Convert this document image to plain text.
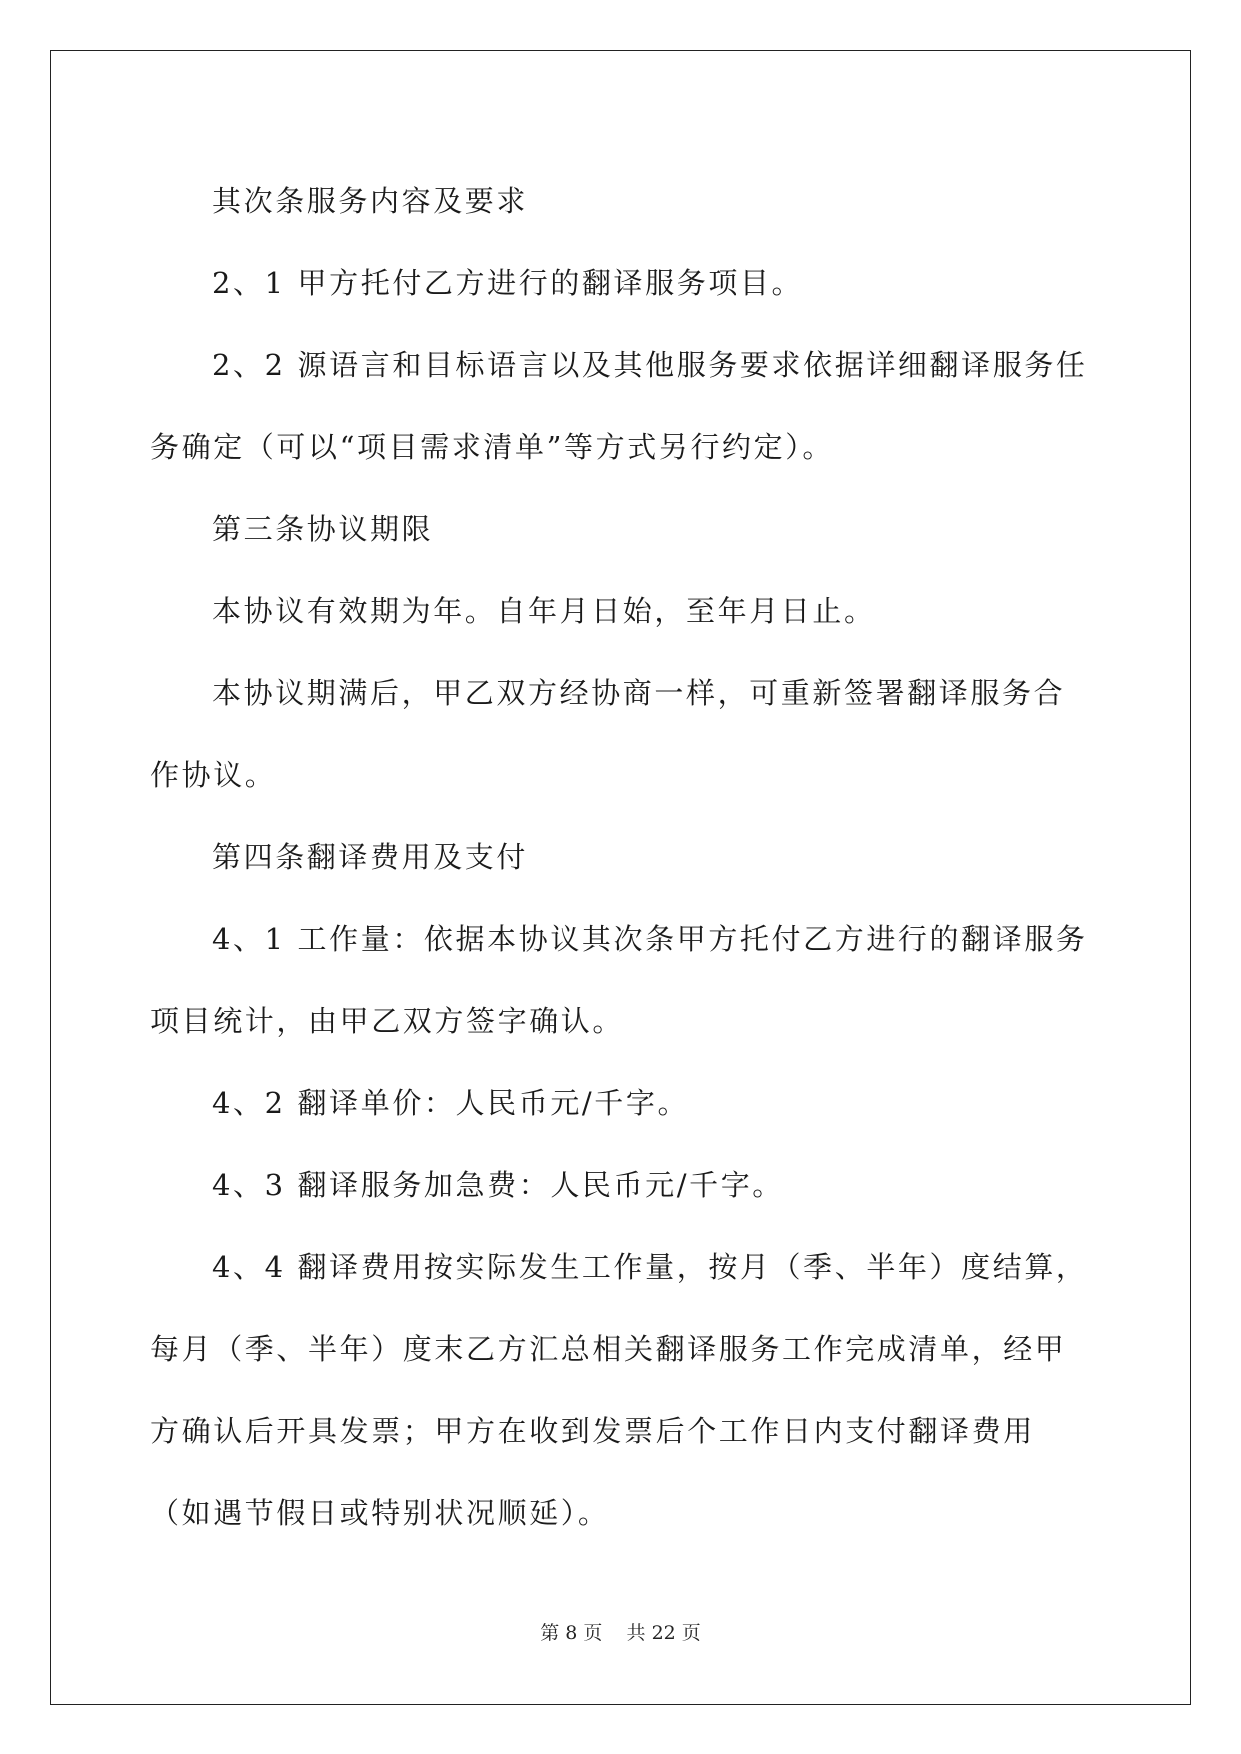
其次条服务内容及要求

2、1 甲方托付乙方进行的翻译服务项目。

2、2 源语言和目标语言以及其他服务要求依据详细翻译服务任务确定（可以“项目需求清单”等方式另行约定）。

第三条协议期限

本协议有效期为年。自年月日始，至年月日止。

本协议期满后，甲乙双方经协商一样，可重新签署翻译服务合作协议。

第四条翻译费用及支付

4、1 工作量：依据本协议其次条甲方托付乙方进行的翻译服务项目统计，由甲乙双方签字确认。

4、2 翻译单价：人民币元/千字。

4、3 翻译服务加急费：人民币元/千字。

4、4 翻译费用按实际发生工作量，按月（季、半年）度结算，每月（季、半年）度末乙方汇总相关翻译服务工作完成清单，经甲方确认后开具发票；甲方在收到发票后个工作日内支付翻译费用（如遇节假日或特别状况顺延）。

第 8 页 共 22 页
